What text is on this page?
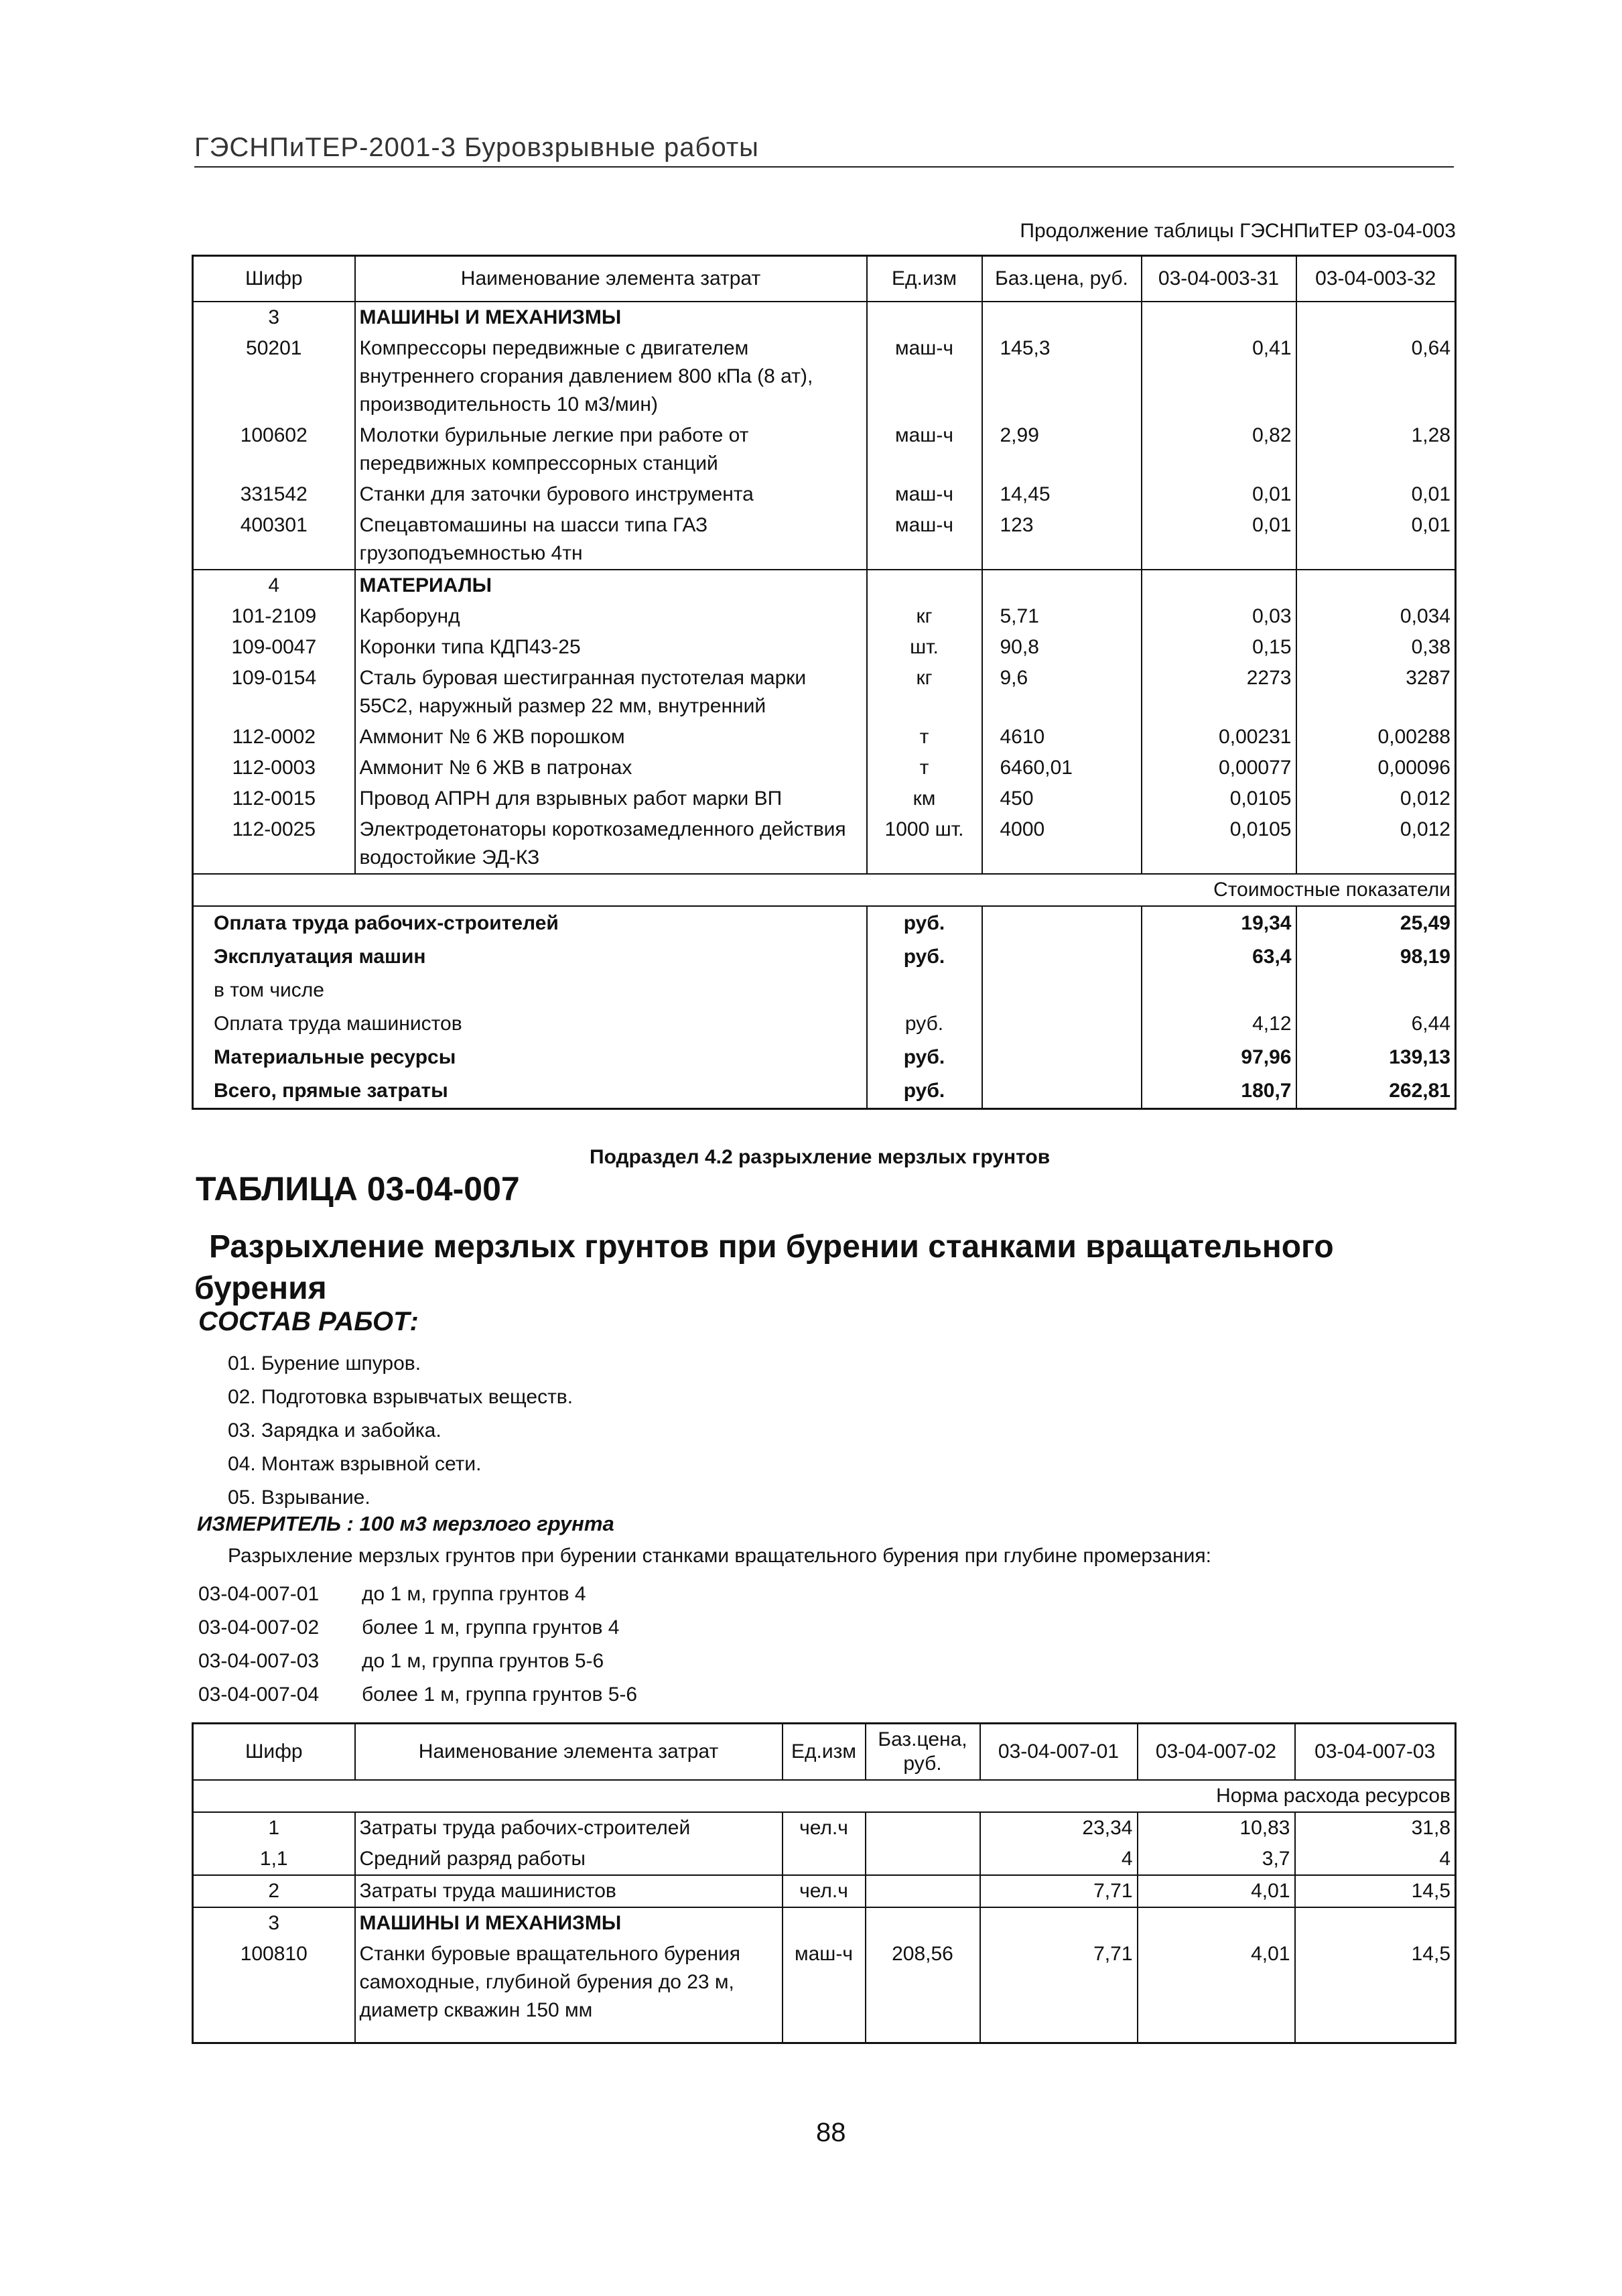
ГЭСНПиТЕР-2001-3 Буровзрывные работы
Продолжение таблицы ГЭСНПиТЕР 03-04-003
Шифр	Наименование элемента затрат	Ед.изм	Баз.цена, руб.	03-04-003-31	03-04-003-32
3	МАШИНЫ И МЕХАНИЗМЫ				
50201	Компрессоры передвижные с двигателем внутреннего сгорания давлением 800 кПа (8 ат), производительность 10 м3/мин)	маш-ч	145,3	0,41	0,64
100602	Молотки бурильные легкие при работе от передвижных компрессорных станций	маш-ч	2,99	0,82	1,28
331542	Станки для заточки бурового инструмента	маш-ч	14,45	0,01	0,01
400301	Спецавтомашины на шасси типа ГАЗ грузоподъемностью 4тн	маш-ч	123	0,01	0,01
4	МАТЕРИАЛЫ				
101-2109	Карборунд	кг	5,71	0,03	0,034
109-0047	Коронки типа КДП43-25	шт.	90,8	0,15	0,38
109-0154	Сталь буровая шестигранная пустотелая марки 55С2, наружный размер 22 мм, внутренний	кг	9,6	2273	3287
112-0002	Аммонит № 6 ЖВ порошком	т	4610	0,00231	0,00288
112-0003	Аммонит № 6 ЖВ в патронах	т	6460,01	0,00077	0,00096
112-0015	Провод АПРН для взрывных работ марки ВП	км	450	0,0105	0,012
112-0025	Электродетонаторы короткозамедленного действия водостойкие ЭД-КЗ	1000 шт.	4000	0,0105	0,012
Стоимостные показатели					
Оплата труда рабочих-строителей		руб.		19,34	25,49
Эксплуатация машин		руб.		63,4	98,19
в том числе					
Оплата труда машинистов		руб.		4,12	6,44
Материальные ресурсы		руб.		97,96	139,13
Всего, прямые затраты		руб.		180,7	262,81
Подраздел 4.2 разрыхление мерзлых грунтов
ТАБЛИЦА 03-04-007
Разрыхление мерзлых грунтов при бурении станками вращательного бурения
СОСТАВ РАБОТ:
01. Бурение шпуров.
02. Подготовка взрывчатых веществ.
03. Зарядка и забойка.
04. Монтаж взрывной сети.
05. Взрывание.
ИЗМЕРИТЕЛЬ : 100 м3 мерзлого грунта
Разрыхление мерзлых грунтов при бурении станками вращательного бурения при глубине промерзания:
03-04-007-01 до 1 м, группа грунтов 4
03-04-007-02 более 1 м, группа грунтов 4
03-04-007-03 до 1 м, группа грунтов 5-6
03-04-007-04 более 1 м, группа грунтов 5-6
Шифр	Наименование элемента затрат	Ед.изм	Баз.цена, руб.	03-04-007-01	03-04-007-02	03-04-007-03
Норма расхода ресурсов						
1	Затраты труда рабочих-строителей	чел.ч		23,34	10,83	31,8
1,1	Средний разряд работы			4	3,7	4
2	Затраты труда машинистов	чел.ч		7,71	4,01	14,5
3	МАШИНЫ И МЕХАНИЗМЫ					
100810	Станки буровые вращательного бурения самоходные, глубиной бурения до 23 м, диаметр скважин 150 мм	маш-ч	208,56	7,71	4,01	14,5

88
